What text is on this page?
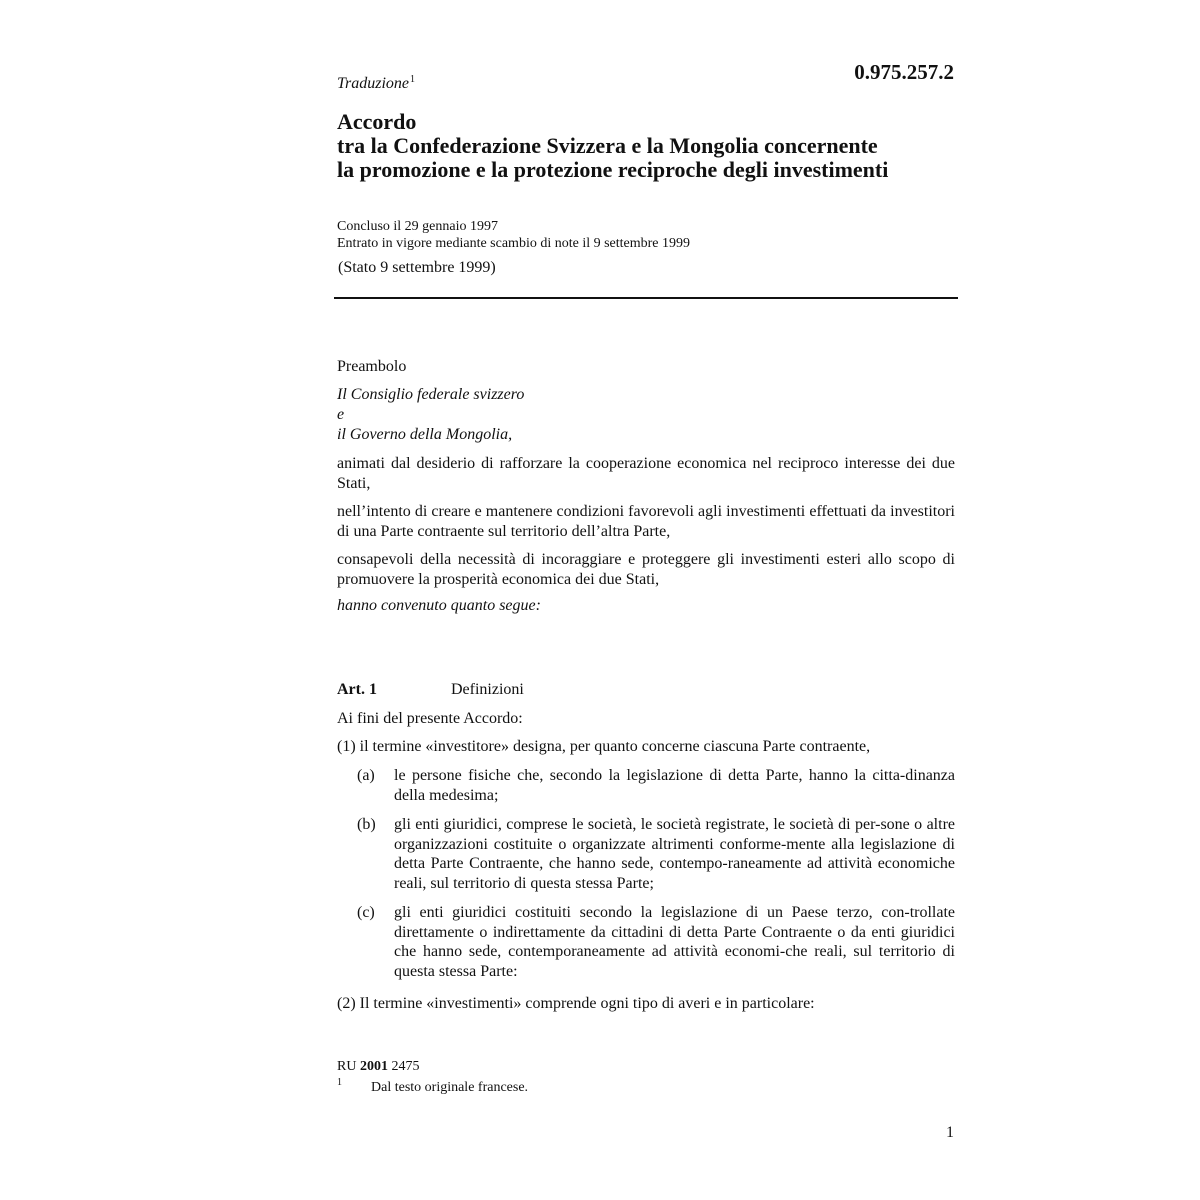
0.975.257.2
Traduzione$^1$
Accordo
tra la Confederazione Svizzera e la Mongolia concernente
la promozione e la protezione reciproche degli investimenti
Concluso il 29 gennaio 1997
Entrato in vigore mediante scambio di note il 9 settembre 1999
(Stato 9 settembre 1999)
Preambolo
Il Consiglio federale svizzero
e
il Governo della Mongolia,
animati dal desiderio di rafforzare la cooperazione economica nel reciproco interesse dei due Stati,
nell’intento di creare e mantenere condizioni favorevoli agli investimenti effettuati da investitori di una Parte contraente sul territorio dell’altra Parte,
consapevoli della necessità di incoraggiare e proteggere gli investimenti esteri allo scopo di promuovere la prosperità economica dei due Stati,
hanno convenuto quanto segue:
Art. 1	Definizioni
Ai fini del presente Accordo:
(1) il termine «investitore» designa, per quanto concerne ciascuna Parte contraente,
(a) le persone fisiche che, secondo la legislazione di detta Parte, hanno la citta-dinanza della medesima;
(b) gli enti giuridici, comprese le società, le società registrate, le società di per-sone o altre organizzazioni costituite o organizzate altrimenti conforme-mente alla legislazione di detta Parte Contraente, che hanno sede, contempo-raneamente ad attività economiche reali, sul territorio di questa stessa Parte;
(c) gli enti giuridici costituiti secondo la legislazione di un Paese terzo, con-trollate direttamente o indirettamente da cittadini di detta Parte Contraente o da enti giuridici che hanno sede, contemporaneamente ad attività economi-che reali, sul territorio di questa stessa Parte:
(2) Il termine «investimenti» comprende ogni tipo di averi e in particolare:
RU 2001 2475
1 Dal testo originale francese.
1
